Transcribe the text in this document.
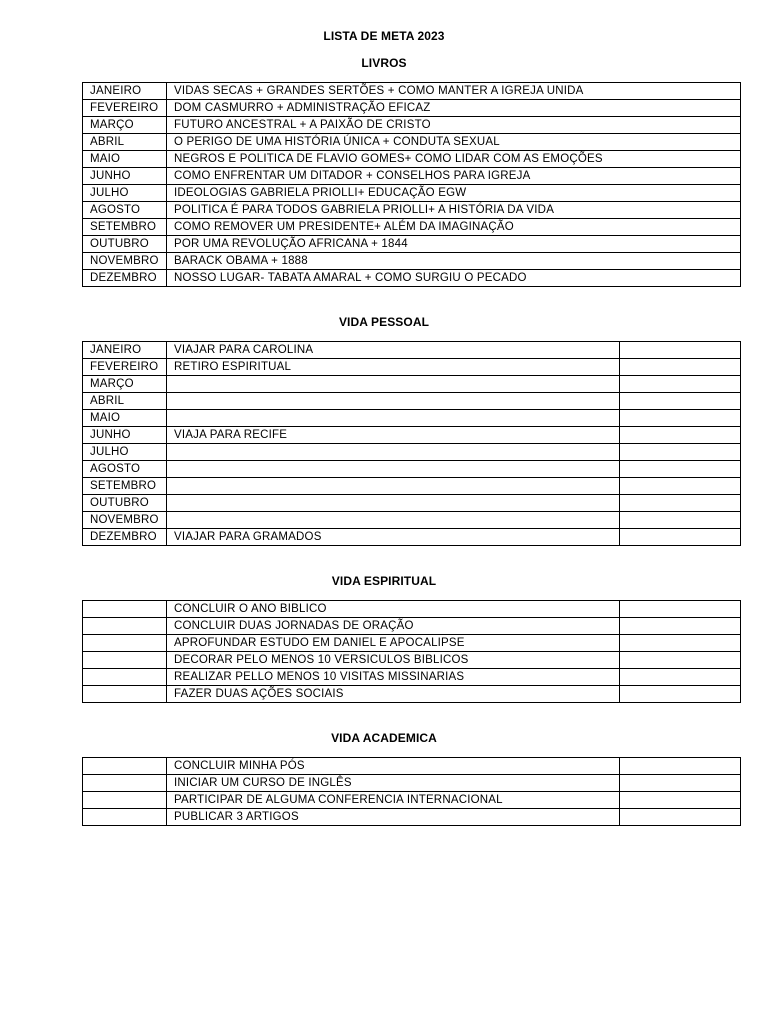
LISTA DE META 2023
LIVROS
JANEIRO	VIDAS SECAS + GRANDES SERTÕES + COMO MANTER A IGREJA UNIDA
FEVEREIRO	DOM CASMURRO + ADMINISTRAÇÃO EFICAZ
MARÇO	FUTURO ANCESTRAL + A PAIXÃO DE CRISTO
ABRIL	O PERIGO DE UMA HISTÓRIA ÚNICA + CONDUTA SEXUAL
MAIO	NEGROS E POLITICA DE FLAVIO GOMES+ COMO LIDAR COM AS EMOÇÕES
JUNHO	COMO ENFRENTAR UM DITADOR + CONSELHOS PARA IGREJA
JULHO	IDEOLOGIAS GABRIELA PRIOLLI+ EDUCAÇÃO EGW
AGOSTO	POLITICA É PARA TODOS GABRIELA PRIOLLI+ A HISTÓRIA DA VIDA
SETEMBRO	COMO REMOVER UM PRESIDENTE+ ALÉM DA IMAGINAÇÃO
OUTUBRO	POR UMA REVOLUÇÃO AFRICANA + 1844
NOVEMBRO	BARACK OBAMA + 1888
DEZEMBRO	NOSSO LUGAR- TABATA AMARAL + COMO SURGIU O PECADO
VIDA PESSOAL
JANEIRO	VIAJAR PARA CAROLINA	
FEVEREIRO	RETIRO ESPIRITUAL	
MARÇO		
ABRIL		
MAIO		
JUNHO	VIAJA PARA RECIFE	
JULHO		
AGOSTO		
SETEMBRO		
OUTUBRO		
NOVEMBRO		
DEZEMBRO	VIAJAR PARA GRAMADOS	
VIDA ESPIRITUAL
	CONCLUIR O ANO BIBLICO	
	CONCLUIR DUAS JORNADAS DE ORAÇÃO	
	APROFUNDAR ESTUDO EM DANIEL E APOCALIPSE	
	DECORAR PELO MENOS 10 VERSICULOS BIBLICOS	
	REALIZAR PELLO MENOS 10 VISITAS MISSINARIAS	
	FAZER DUAS AÇÕES SOCIAIS	
VIDA ACADEMICA
	CONCLUIR MINHA PÓS	
	INICIAR UM CURSO DE INGLÊS	
	PARTICIPAR DE ALGUMA CONFERENCIA INTERNACIONAL	
	PUBLICAR 3 ARTIGOS	
